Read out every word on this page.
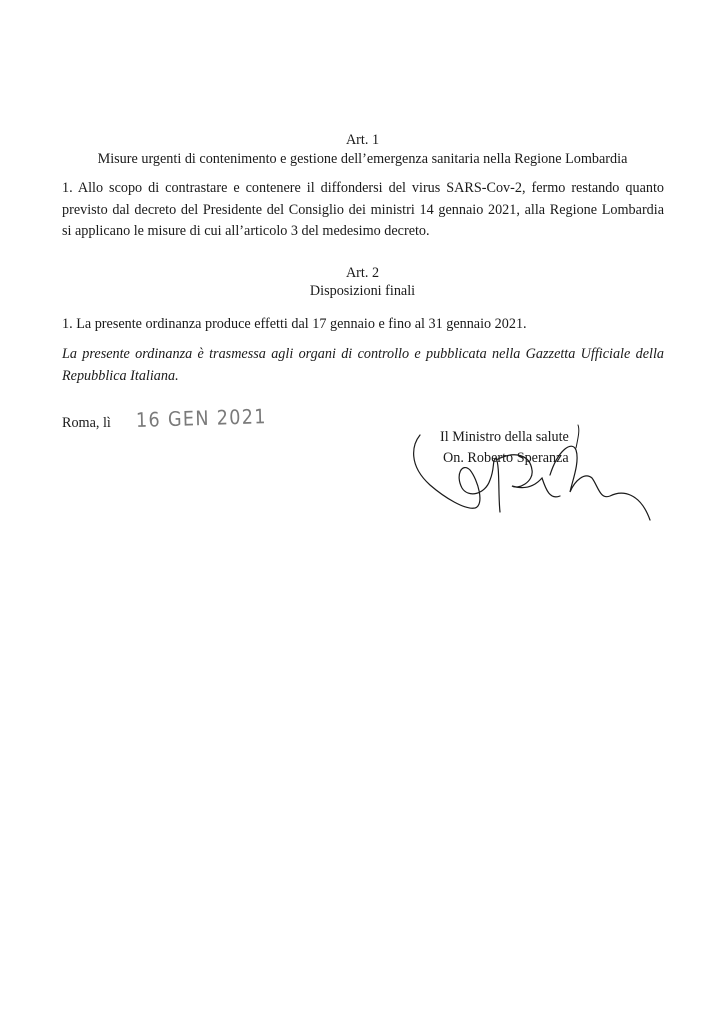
Art. 1
Misure urgenti di contenimento e gestione dell’emergenza sanitaria nella Regione Lombardia
1. Allo scopo di contrastare e contenere il diffondersi del virus SARS-Cov-2, fermo restando quanto
previsto dal decreto del Presidente del Consiglio dei ministri 14 gennaio 2021, alla Regione Lombardia
si applicano le misure di cui all’articolo 3 del medesimo decreto.
Art. 2
Disposizioni finali
1. La presente ordinanza produce effetti dal 17 gennaio e fino al 31 gennaio 2021.
La presente ordinanza è trasmessa agli organi di controllo e pubblicata nella Gazzetta Ufficiale della
Repubblica Italiana.
Roma, lì 16 GEN 2021
Il Ministro della salute
On. Roberto Speranza
